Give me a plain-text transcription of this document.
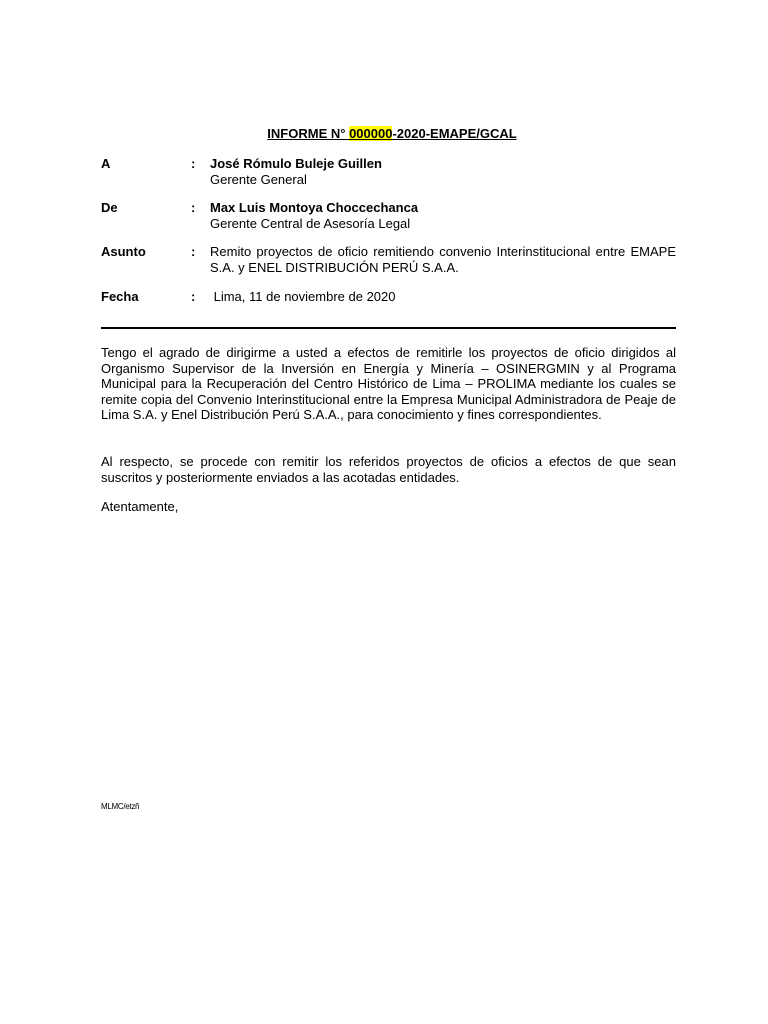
INFORME N° 000000-2020-EMAPE/GCAL
A	: José Rómulo Buleje Guillen
Gerente General
De	: Max Luis Montoya Choccechanca
Gerente Central de Asesoría Legal
Asunto	: Remito proyectos de oficio remitiendo convenio Interinstitucional entre EMAPE S.A. y ENEL DISTRIBUCIÓN PERÚ S.A.A.
Fecha	: Lima, 11 de noviembre de 2020
Tengo el agrado de dirigirme a usted a efectos de remitirle los proyectos de oficio dirigidos al Organismo Supervisor de la Inversión en Energía y Minería – OSINERGMIN y al Programa Municipal para la Recuperación del Centro Histórico de Lima – PROLIMA mediante los cuales se remite copia del Convenio Interinstitucional entre la Empresa Municipal Administradora de Peaje de Lima S.A. y Enel Distribución Perú S.A.A., para conocimiento y fines correspondientes.
Al respecto, se procede con remitir los referidos proyectos de oficios a efectos de que sean suscritos y posteriormente enviados a las acotadas entidades.
Atentamente,
MLMC/etzñ
